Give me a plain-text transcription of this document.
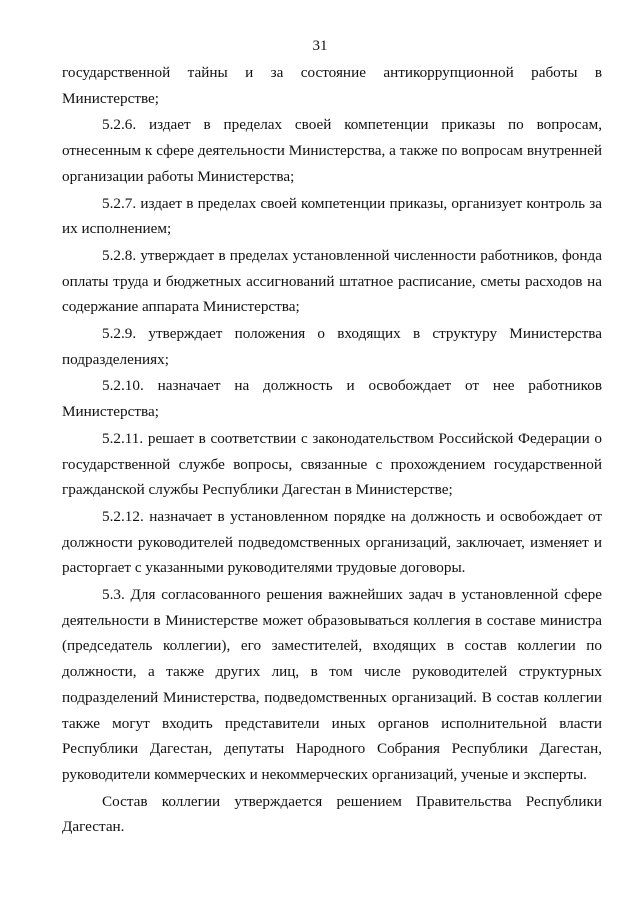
31

государственной тайны и за состояние антикоррупционной работы в Министерстве;

5.2.6. издает в пределах своей компетенции приказы по вопросам, отнесенным к сфере деятельности Министерства, а также по вопросам внутренней организации работы Министерства;

5.2.7. издает в пределах своей компетенции приказы, организует контроль за их исполнением;

5.2.8. утверждает в пределах установленной численности работников, фонда оплаты труда и бюджетных ассигнований штатное расписание, сметы расходов на содержание аппарата Министерства;

5.2.9. утверждает положения о входящих в структуру Министерства подразделениях;

5.2.10. назначает на должность и освобождает от нее работников Министерства;

5.2.11. решает в соответствии с законодательством Российской Федерации о государственной службе вопросы, связанные с прохождением государственной гражданской службы Республики Дагестан в Министерстве;

5.2.12. назначает в установленном порядке на должность и освобождает от должности руководителей подведомственных организаций, заключает, изменяет и расторгает с указанными руководителями трудовые договоры.

5.3. Для согласованного решения важнейших задач в установленной сфере деятельности в Министерстве может образовываться коллегия в составе министра (председатель коллегии), его заместителей, входящих в состав коллегии по должности, а также других лиц, в том числе руководителей структурных подразделений Министерства, подведомственных организаций. В состав коллегии также могут входить представители иных органов исполнительной власти Республики Дагестан, депутаты Народного Собрания Республики Дагестан, руководители коммерческих и некоммерческих организаций, ученые и эксперты.

Состав коллегии утверждается решением Правительства Республики Дагестан.
